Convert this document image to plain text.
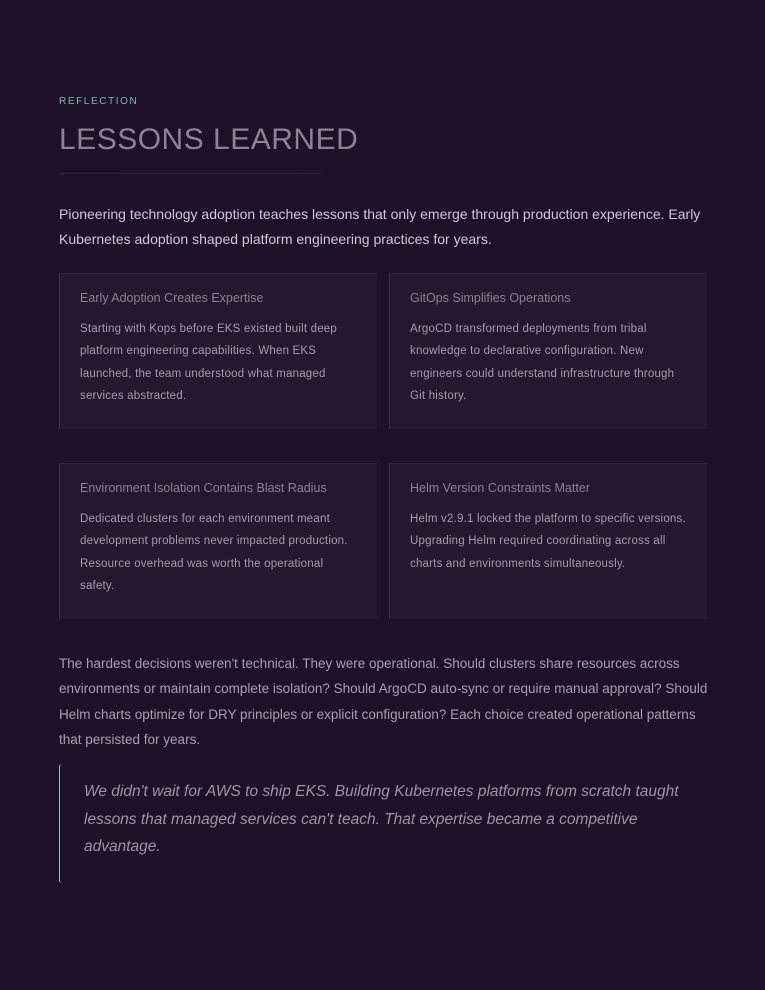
REFLECTION
LESSONS LEARNED

Pioneering technology adoption teaches lessons that only emerge through production experience. Early Kubernetes adoption shaped platform engineering practices for years.

Early Adoption Creates Expertise

Starting with Kops before EKS existed built deep platform engineering capabilities. When EKS launched, the team understood what managed services abstracted.

GitOps Simplifies Operations

ArgoCD transformed deployments from tribal knowledge to declarative configuration. New engineers could understand infrastructure through Git history.

Environment Isolation Contains Blast Radius

Dedicated clusters for each environment meant development problems never impacted production. Resource overhead was worth the operational safety.

Helm Version Constraints Matter

Helm v2.9.1 locked the platform to specific versions. Upgrading Helm required coordinating across all charts and environments simultaneously.

The hardest decisions weren't technical. They were operational. Should clusters share resources across environments or maintain complete isolation? Should ArgoCD auto-sync or require manual approval? Should Helm charts optimize for DRY principles or explicit configuration? Each choice created operational patterns that persisted for years.

We didn't wait for AWS to ship EKS. Building Kubernetes platforms from scratch taught lessons that managed services can't teach. That expertise became a competitive advantage.
